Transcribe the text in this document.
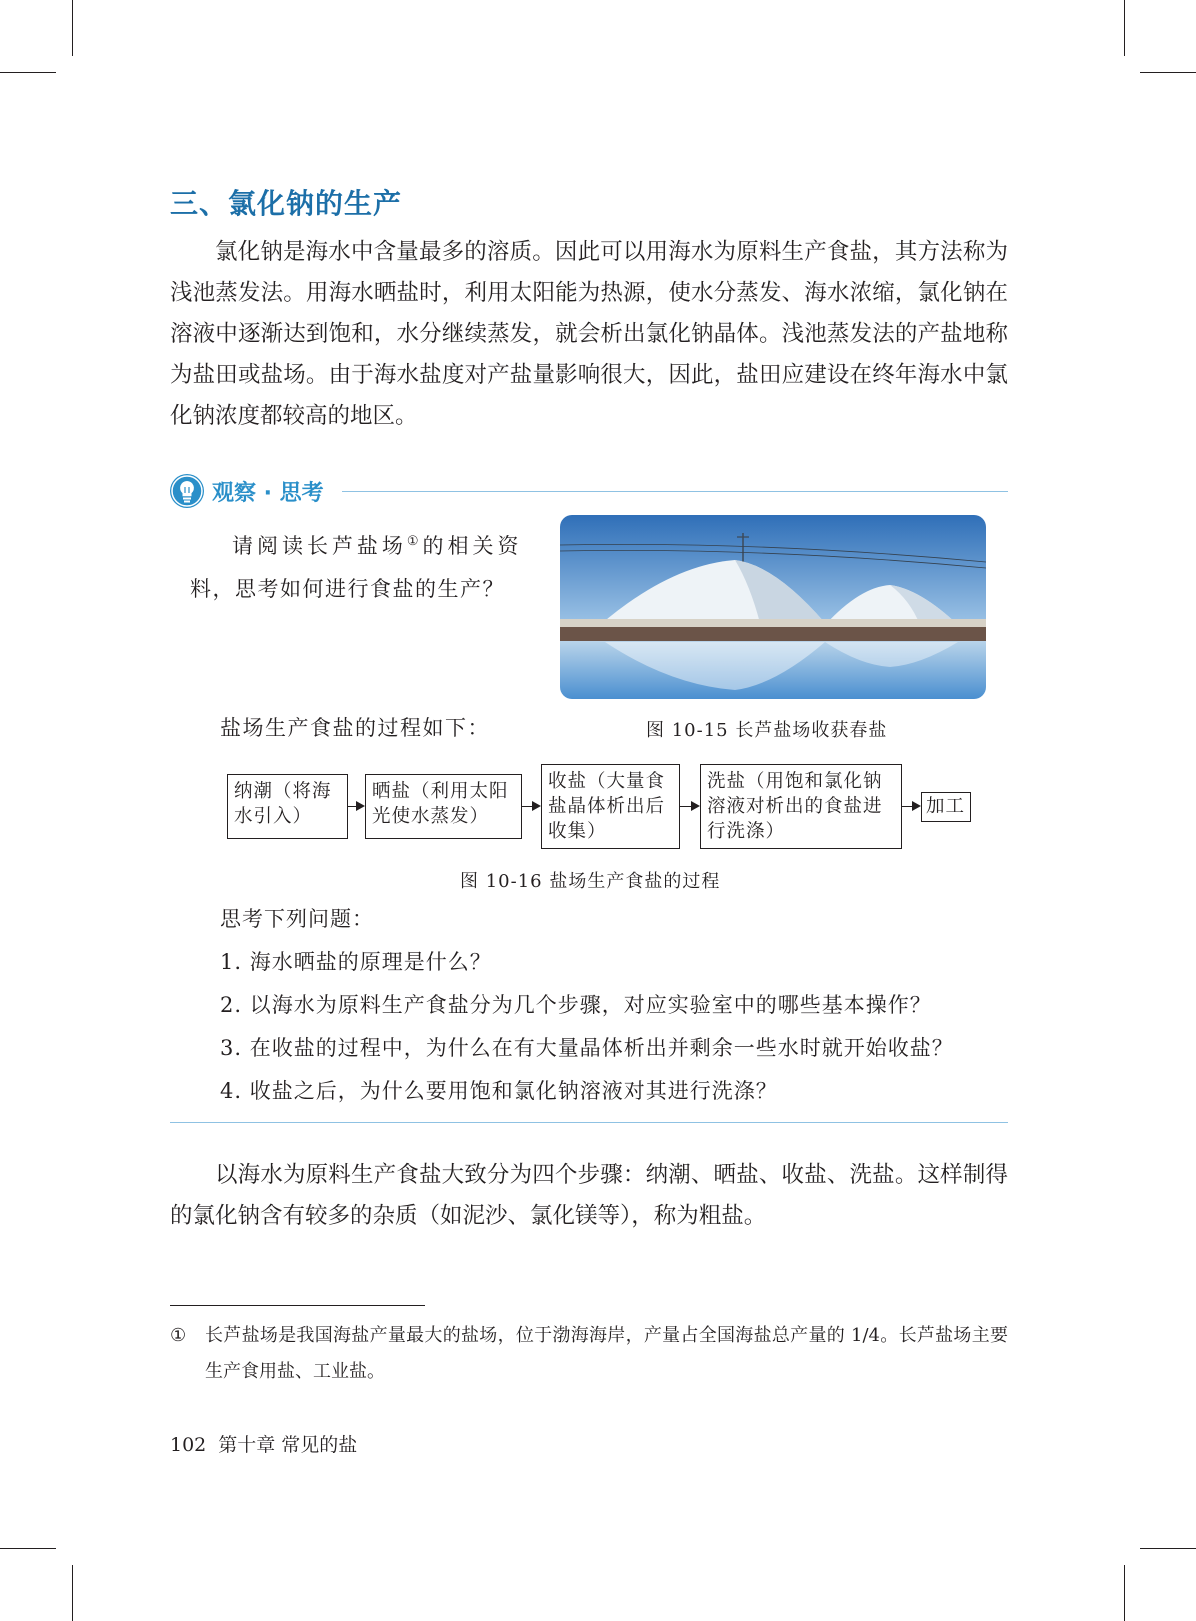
三、氯化钠的生产

氯化钠是海水中含量最多的溶质。因此可以用海水为原料生产食盐，其方法称为浅池蒸发法。用海水晒盐时，利用太阳能为热源，使水分蒸发、海水浓缩，氯化钠在溶液中逐渐达到饱和，水分继续蒸发，就会析出氯化钠晶体。浅池蒸发法的产盐地称为盐田或盐场。由于海水盐度对产盐量影响很大，因此，盐田应建设在终年海水中氯化钠浓度都较高的地区。

观察 · 思考

请阅读长芦盐场①的相关资料，思考如何进行食盐的生产？

图 10-15 长芦盐场收获春盐
盐场生产食盐的过程如下：
纳潮（将海水引入）
晒盐（利用太阳光使水蒸发）
收盐（大量食盐晶体析出后收集）
洗盐（用饱和氯化钠溶液对析出的食盐进行洗涤）
加工
图 10-16 盐场生产食盐的过程
思考下列问题：
1. 海水晒盐的原理是什么？
2. 以海水为原料生产食盐分为几个步骤，对应实验室中的哪些基本操作？
3. 在收盐的过程中，为什么在有大量晶体析出并剩余一些水时就开始收盐？
4. 收盐之后，为什么要用饱和氯化钠溶液对其进行洗涤？

以海水为原料生产食盐大致分为四个步骤：纳潮、晒盐、收盐、洗盐。这样制得的氯化钠含有较多的杂质（如泥沙、氯化镁等），称为粗盐。

① 长芦盐场是我国海盐产量最大的盐场，位于渤海海岸，产量占全国海盐总产量的 1/4。长芦盐场主要生产食用盐、工业盐。
102 第十章 常见的盐
